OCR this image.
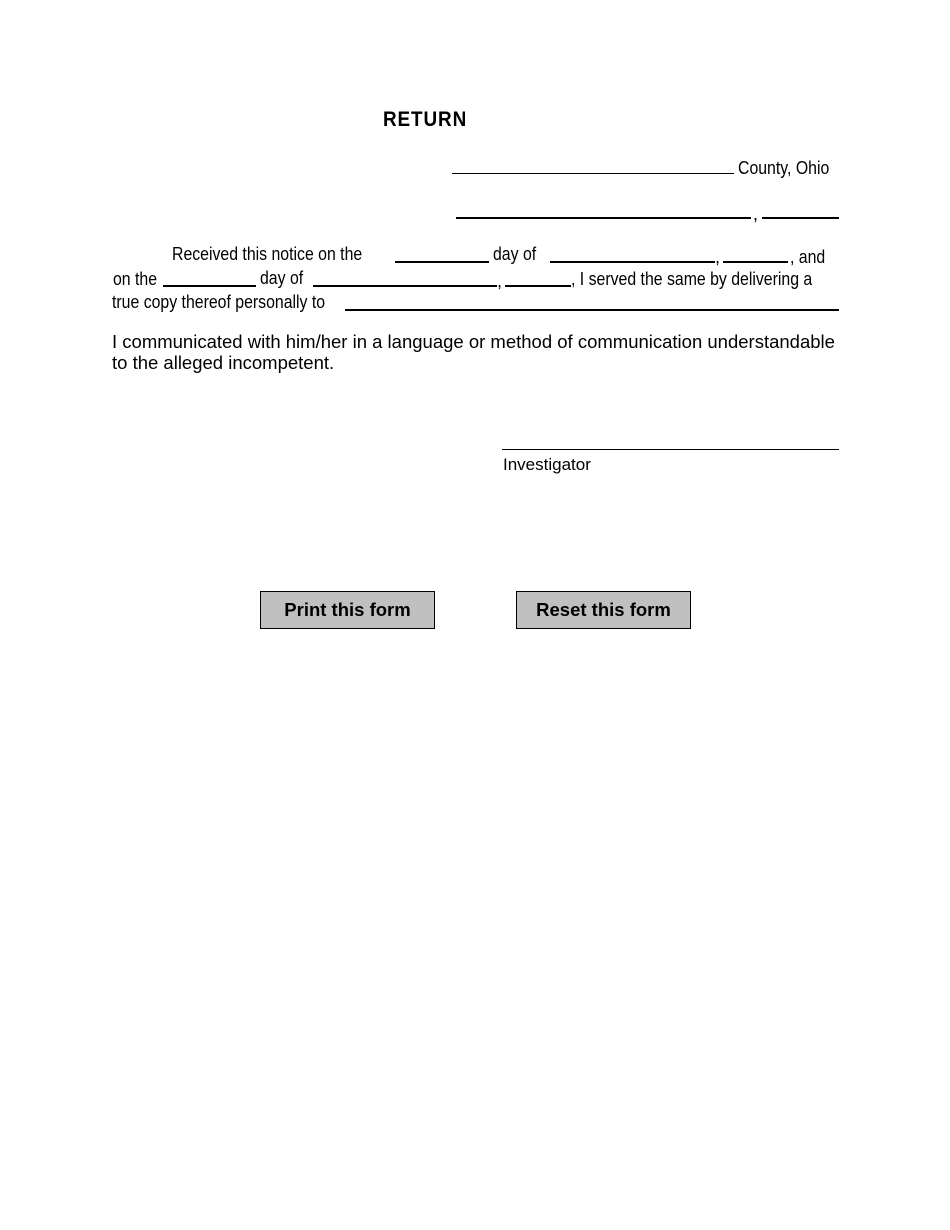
RETURN
County, Ohio
,
Received this notice on the	day of	,	, and
on the	day of	,	, I served the same by delivering a
true copy thereof personally to
I communicated with him/her in a language or method of communication understandable to the alleged incompetent.
Investigator
Print this form	Reset this form
